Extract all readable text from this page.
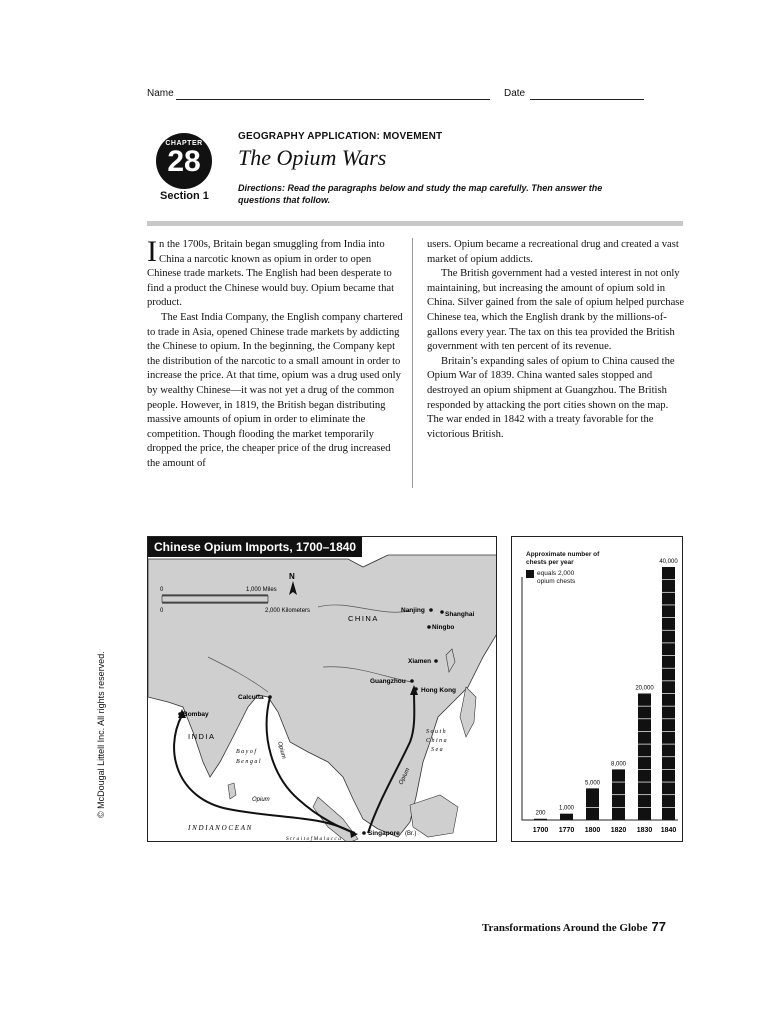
Name	Date
CHAPTER
28
Section 1
GEOGRAPHY APPLICATION: MOVEMENT
The Opium Wars
Directions: Read the paragraphs below and study the map carefully. Then answer the questions that follow.

In the 1700s, Britain began smuggling from India into China a narcotic known as opium in order to open Chinese trade markets. The English had been desperate to find a product the Chinese would buy. Opium became that product.

The East India Company, the English company chartered to trade in Asia, opened Chinese trade markets by addicting the Chinese to opium. In the beginning, the Company kept the distribution of the narcotic to a small amount in order to increase the price. At that time, opium was a drug used only by wealthy Chinese—it was not yet a drug of the common people. However, in 1819, the British began distributing massive amounts of opium in order to eliminate the competition. Though flooding the market temporarily dropped the price, the cheaper price of the drug increased the amount of

users. Opium became a recreational drug and created a vast market of opium addicts.

The British government had a vested interest in not only maintaining, but increasing the amount of opium sold in China. Silver gained from the sale of opium helped purchase Chinese tea, which the English drank by the millions-of-gallons every year. The tax on this tea provided the British government with ten percent of its revenue.

Britain’s expanding sales of opium to China caused the Opium War of 1839. China wanted sales stopped and destroyed an opium shipment at Guangzhou. The British responded by attacking the port cities shown on the map. The war ended in 1842 with a treaty favorable for the victorious British.

© McDougal Littell Inc. All rights reserved.
0	1,000 Miles
0	2,000 Kilometers
N
CHINA
INDIA
I N D I A N O C E A N
B a y o f
B e n g a l
S o u t h
C h i n a
S e a
S t r a i t o f M a l a c c a
Opium
Opium
Opium
Nanjing
Shanghai
Ningbo
Xiamen
Guangzhou
Hong Kong
Calcutta
Bombay
Singapore (Br.)
Chinese Opium Imports, 1700–1840
200
1700
1,000
1770
5,000
1800
8,000
1820
20,000
1830
40,000
1840
Approximate number of chests per year
equals 2,000 opium chests
Transformations Around the Globe 77
